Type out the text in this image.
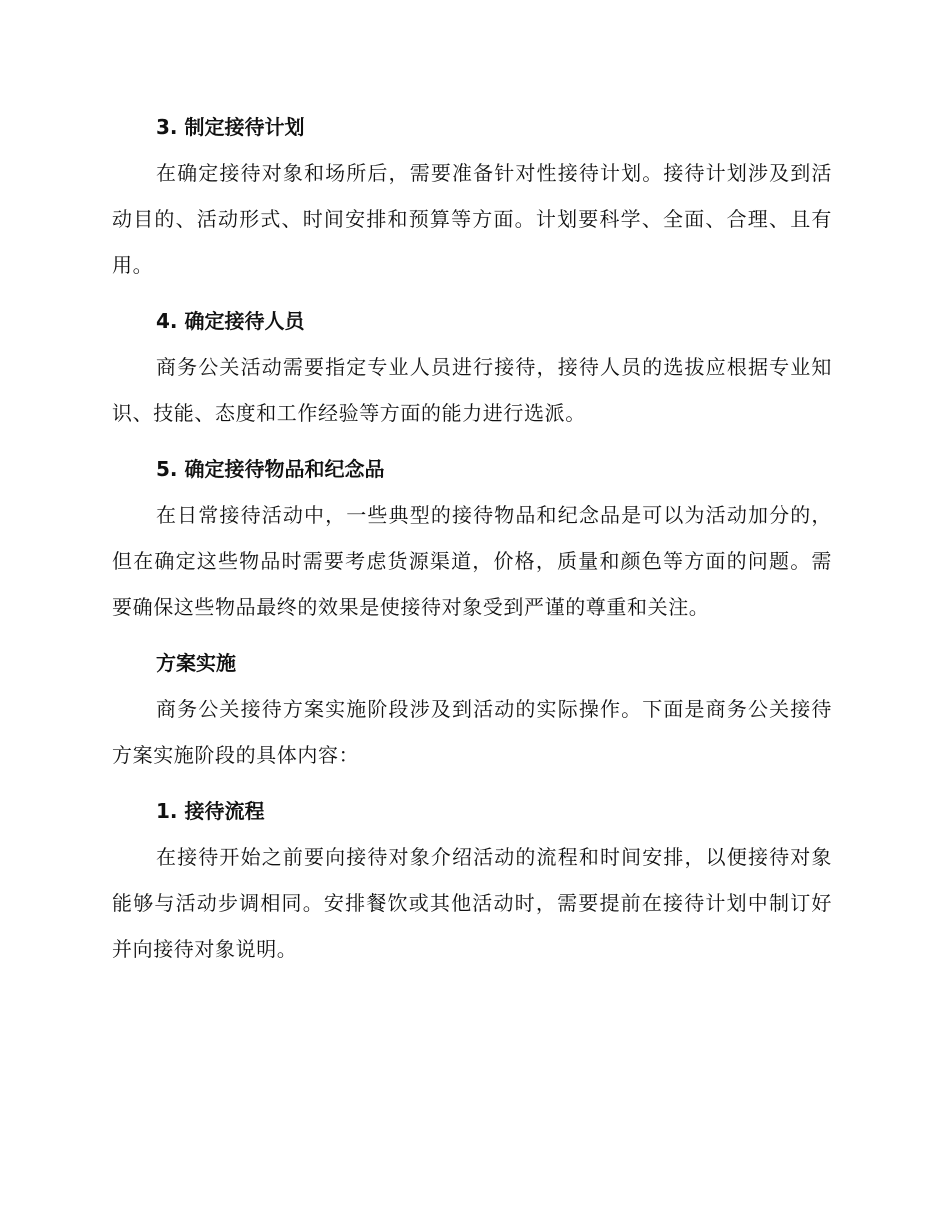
3. 制定接待计划

在确定接待对象和场所后，需要准备针对性接待计划。接待计划涉及到活动目的、活动形式、时间安排和预算等方面。计划要科学、全面、合理、且有用。

4. 确定接待人员

商务公关活动需要指定专业人员进行接待，接待人员的选拔应根据专业知识、技能、态度和工作经验等方面的能力进行选派。

5. 确定接待物品和纪念品

在日常接待活动中，一些典型的接待物品和纪念品是可以为活动加分的，但在确定这些物品时需要考虑货源渠道，价格，质量和颜色等方面的问题。需要确保这些物品最终的效果是使接待对象受到严谨的尊重和关注。

方案实施

商务公关接待方案实施阶段涉及到活动的实际操作。下面是商务公关接待方案实施阶段的具体内容：

1. 接待流程

在接待开始之前要向接待对象介绍活动的流程和时间安排，以便接待对象能够与活动步调相同。安排餐饮或其他活动时，需要提前在接待计划中制订好并向接待对象说明。
